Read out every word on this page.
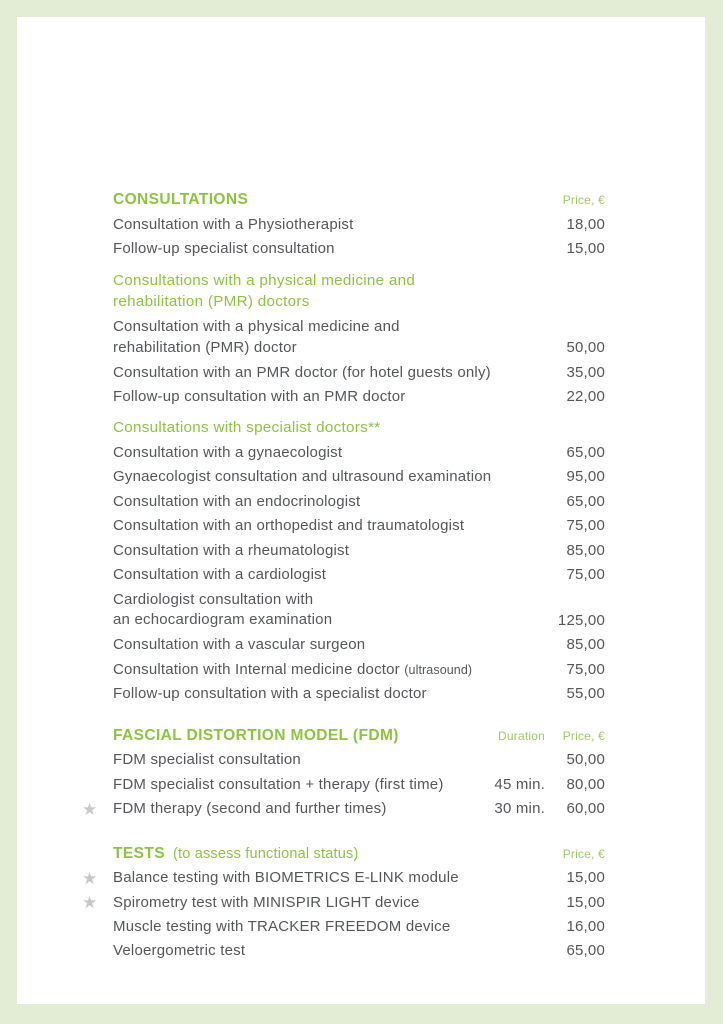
CONSULTATIONS	Price, €
Consultation with a Physiotherapist	18,00
Follow-up specialist consultation	15,00
Consultations with a physical medicine and
rehabilitation (PMR) doctors
Consultation with a physical medicine and
rehabilitation (PMR) doctor	50,00
Consultation with an PMR doctor (for hotel guests only)	35,00
Follow-up consultation with an PMR doctor	22,00
Consultations with specialist doctors**
Consultation with a gynaecologist	65,00
Gynaecologist consultation and ultrasound examination	95,00
Consultation with an endocrinologist	65,00
Consultation with an orthopedist and traumatologist	75,00
Consultation with a rheumatologist	85,00
Consultation with a cardiologist	75,00
Cardiologist consultation with
an echocardiogram examination	125,00
Consultation with a vascular surgeon	85,00
Consultation with Internal medicine doctor (ultrasound)	75,00
Follow-up consultation with a specialist doctor	55,00
FASCIAL DISTORTION MODEL (FDM)	Duration	Price, €
FDM specialist consultation	50,00
FDM specialist consultation + therapy (first time)	45 min.	80,00
★ FDM therapy (second and further times)	30 min.	60,00
TESTS (to assess functional status)	Price, €
★ Balance testing with BIOMETRICS E-LINK module	15,00
★ Spirometry test with MINISPIR LIGHT device	15,00
Muscle testing with TRACKER FREEDOM device	16,00
Veloergometric test	65,00
